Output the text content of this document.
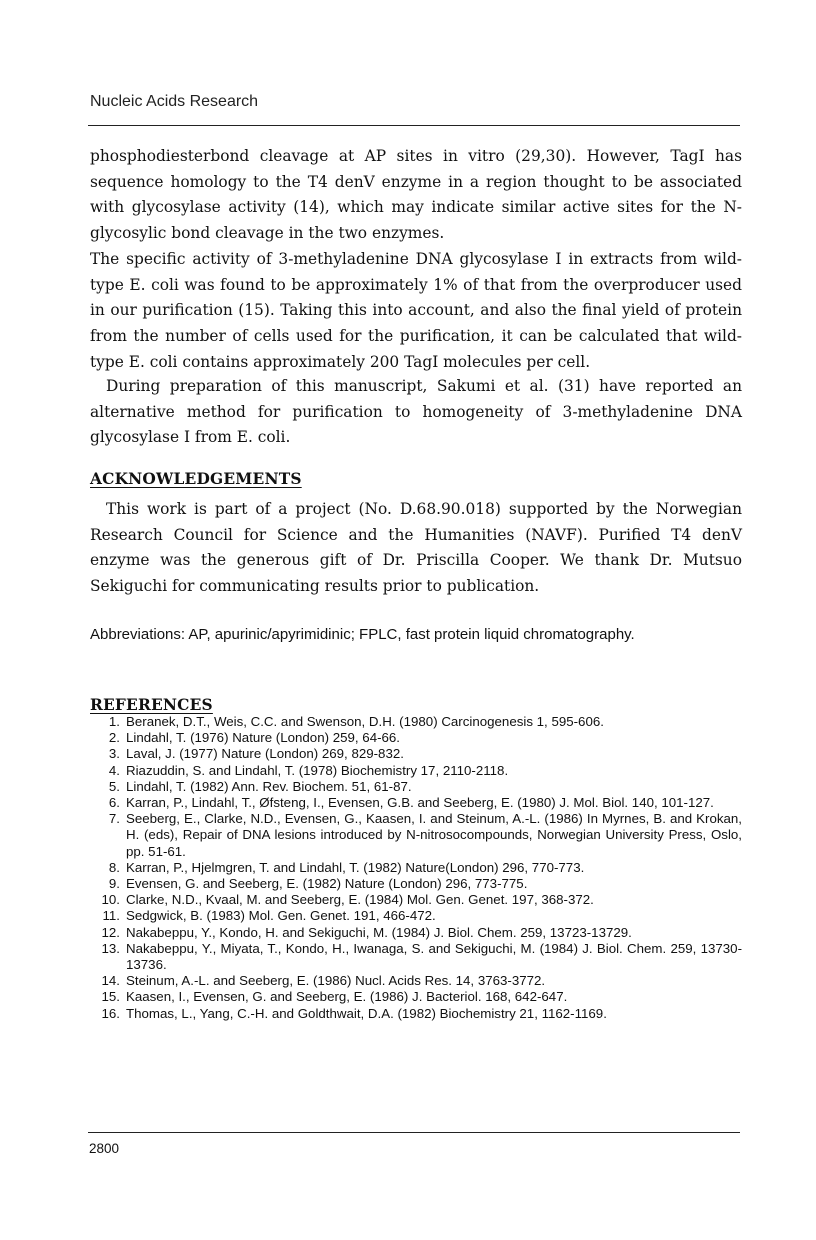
Nucleic Acids Research

phosphodiesterbond cleavage at AP sites in vitro (29,30). However, TagI has sequence homology to the T4 denV enzyme in a region thought to be associated with glycosylase activity (14), which may indicate similar active sites for the N-glycosylic bond cleavage in the two enzymes.

The specific activity of 3-methyladenine DNA glycosylase I in extracts from wild-type E. coli was found to be approximately 1% of that from the overproducer used in our purification (15). Taking this into account, and also the final yield of protein from the number of cells used for the purification, it can be calculated that wild-type E. coli contains approximately 200 TagI molecules per cell.

During preparation of this manuscript, Sakumi et al. (31) have reported an alternative method for purification to homogeneity of 3-methyladenine DNA glycosylase I from E. coli.

ACKNOWLEDGEMENTS

This work is part of a project (No. D.68.90.018) supported by the Norwegian Research Council for Science and the Humanities (NAVF). Purified T4 denV enzyme was the generous gift of Dr. Priscilla Cooper. We thank Dr. Mutsuo Sekiguchi for communicating results prior to publication.

Abbreviations: AP, apurinic/apyrimidinic; FPLC, fast protein liquid chromatography.

REFERENCES
1. Beranek, D.T., Weis, C.C. and Swenson, D.H. (1980) Carcinogenesis 1, 595-606.
2. Lindahl, T. (1976) Nature (London) 259, 64-66.
3. Laval, J. (1977) Nature (London) 269, 829-832.
4. Riazuddin, S. and Lindahl, T. (1978) Biochemistry 17, 2110-2118.
5. Lindahl, T. (1982) Ann. Rev. Biochem. 51, 61-87.
6. Karran, P., Lindahl, T., Øfsteng, I., Evensen, G.B. and Seeberg, E. (1980) J. Mol. Biol. 140, 101-127.
7. Seeberg, E., Clarke, N.D., Evensen, G., Kaasen, I. and Steinum, A.-L. (1986) In Myrnes, B. and Krokan, H. (eds), Repair of DNA lesions introduced by N-nitrosocompounds, Norwegian University Press, Oslo, pp. 51-61.
8. Karran, P., Hjelmgren, T. and Lindahl, T. (1982) Nature(London) 296, 770-773.
9. Evensen, G. and Seeberg, E. (1982) Nature (London) 296, 773-775.
10. Clarke, N.D., Kvaal, M. and Seeberg, E. (1984) Mol. Gen. Genet. 197, 368-372.
11. Sedgwick, B. (1983) Mol. Gen. Genet. 191, 466-472.
12. Nakabeppu, Y., Kondo, H. and Sekiguchi, M. (1984) J. Biol. Chem. 259, 13723-13729.
13. Nakabeppu, Y., Miyata, T., Kondo, H., Iwanaga, S. and Sekiguchi, M. (1984) J. Biol. Chem. 259, 13730-13736.
14. Steinum, A.-L. and Seeberg, E. (1986) Nucl. Acids Res. 14, 3763-3772.
15. Kaasen, I., Evensen, G. and Seeberg, E. (1986) J. Bacteriol. 168, 642-647.
16. Thomas, L., Yang, C.-H. and Goldthwait, D.A. (1982) Biochemistry 21, 1162-1169.
2800
